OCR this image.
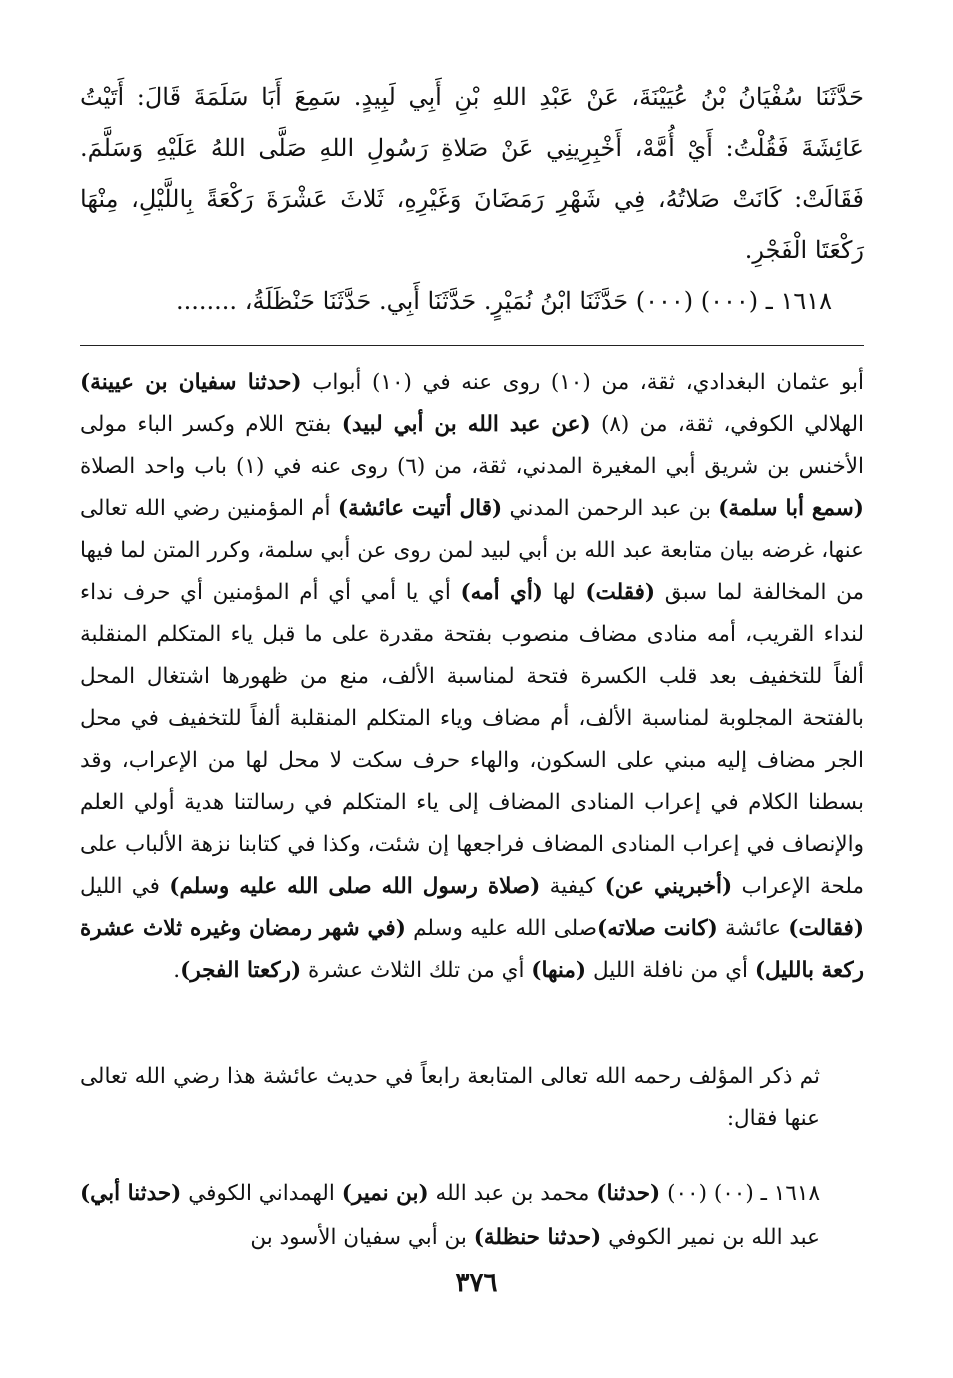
حَدَّثَنَا سُفْيَانُ بْنُ عُيَيْنَةَ، عَنْ عَبْدِ اللهِ بْنِ أَبِي لَبِيدٍ. سَمِعَ أَبَا سَلَمَةَ قَالَ: أَتَيْتُ عَائِشَةَ فَقُلْتُ: أَيْ أُمَّهْ، أَخْبِرِينِي عَنْ صَلاةِ رَسُولِ اللهِ صَلَّى اللهُ عَلَيْهِ وَسَلَّمَ. فَقَالَتْ: كَانَتْ صَلاتُهُ، فِي شَهْرِ رَمَضَانَ وَغَيْرِهِ، ثَلاثَ عَشْرَةَ رَكْعَةً بِاللَّيْلِ، مِنْهَا رَكْعَتَا الْفَجْرِ.

١٦١٨ ـ (٠٠٠) (٠٠٠) حَدَّثَنَا ابْنُ نُمَيْرٍ. حَدَّثَنَا أَبِي. حَدَّثَنَا حَنْظَلَةُ، ........

أبو عثمان البغدادي، ثقة، من (١٠) روى عنه في (١٠) أبواب (حدثنا سفيان بن عيينة) الهلالي الكوفي، ثقة، من (٨) (عن عبد الله بن أبي لبيد) بفتح اللام وكسر الباء مولى الأخنس بن شريق أبي المغيرة المدني، ثقة، من (٦) روى عنه في (١) باب واحد الصلاة (سمع أبا سلمة) بن عبد الرحمن المدني (قال أتيت عائشة) أم المؤمنين رضي الله تعالى عنها، غرضه بيان متابعة عبد الله بن أبي لبيد لمن روى عن أبي سلمة، وكرر المتن لما فيها من المخالفة لما سبق (فقلت) لها (أي أمه) أي يا أمي أي أم المؤمنين أي حرف نداء لنداء القريب، أمه منادى مضاف منصوب بفتحة مقدرة على ما قبل ياء المتكلم المنقلبة ألفاً للتخفيف بعد قلب الكسرة فتحة لمناسبة الألف، منع من ظهورها اشتغال المحل بالفتحة المجلوبة لمناسبة الألف، أم مضاف وياء المتكلم المنقلبة ألفاً للتخفيف في محل الجر مضاف إليه مبني على السكون، والهاء حرف سكت لا محل لها من الإعراب، وقد بسطنا الكلام في إعراب المنادى المضاف إلى ياء المتكلم في رسالتنا هدية أولي العلم والإنصاف في إعراب المنادى المضاف فراجعها إن شئت، وكذا في كتابنا نزهة الألباب على ملحة الإعراب (أخبريني عن) كيفية (صلاة رسول الله صلى الله عليه وسلم) في الليل (فقالت) عائشة (كانت صلاته)صلى الله عليه وسلم (في شهر رمضان وغيره ثلاث عشرة ركعة بالليل) أي من نافلة الليل (منها) أي من تلك الثلاث عشرة (ركعتا الفجر).

ثم ذكر المؤلف رحمه الله تعالى المتابعة رابعاً في حديث عائشة هذا رضي الله تعالى عنها فقال:

١٦١٨ ـ (٠٠) (٠٠) (حدثنا) محمد بن عبد الله (بن نمير) الهمداني الكوفي (حدثنا أبي) عبد الله بن نمير الكوفي (حدثنا حنظلة) بن أبي سفيان الأسود بن

٣٧٦
